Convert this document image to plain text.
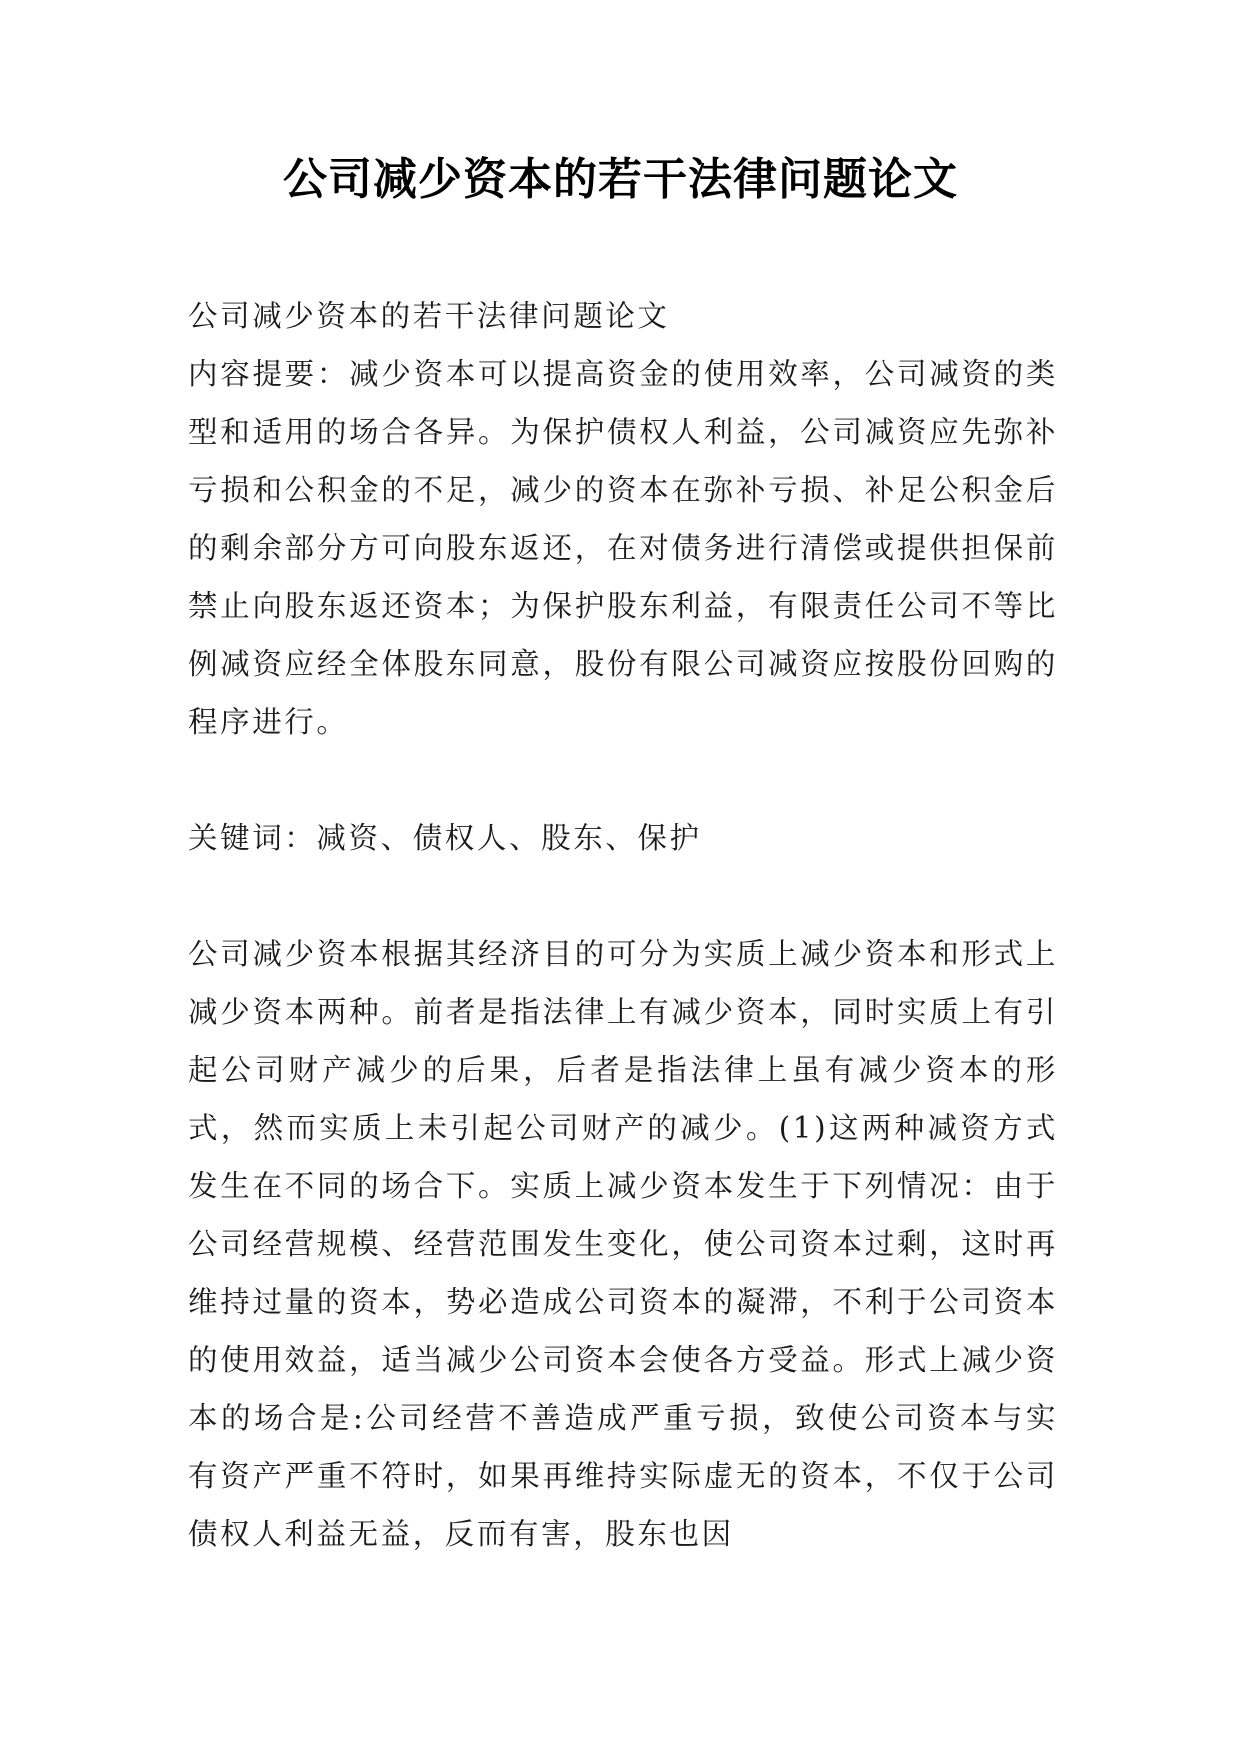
公司减少资本的若干法律问题论文
公司减少资本的若干法律问题论文
内容提要：减少资本可以提高资金的使用效率，公司减资的类型和适用的场合各异。为保护债权人利益，公司减资应先弥补亏损和公积金的不足，减少的资本在弥补亏损、补足公积金后的剩余部分方可向股东返还，在对债务进行清偿或提供担保前禁止向股东返还资本；为保护股东利益，有限责任公司不等比例减资应经全体股东同意，股份有限公司减资应按股份回购的程序进行。
关键词：减资、债权人、股东、保护
公司减少资本根据其经济目的可分为实质上减少资本和形式上减少资本两种。前者是指法律上有减少资本，同时实质上有引起公司财产减少的后果，后者是指法律上虽有减少资本的形式，然而实质上未引起公司财产的减少。(1)这两种减资方式发生在不同的场合下。实质上减少资本发生于下列情况：由于公司经营规模、经营范围发生变化，使公司资本过剩，这时再维持过量的资本，势必造成公司资本的凝滞，不利于公司资本的使用效益，适当减少公司资本会使各方受益。形式上减少资本的场合是:公司经营不善造成严重亏损，致使公司资本与实有资产严重不符时，如果再维持实际虚无的资本，不仅于公司债权人利益无益，反而有害，股东也因
